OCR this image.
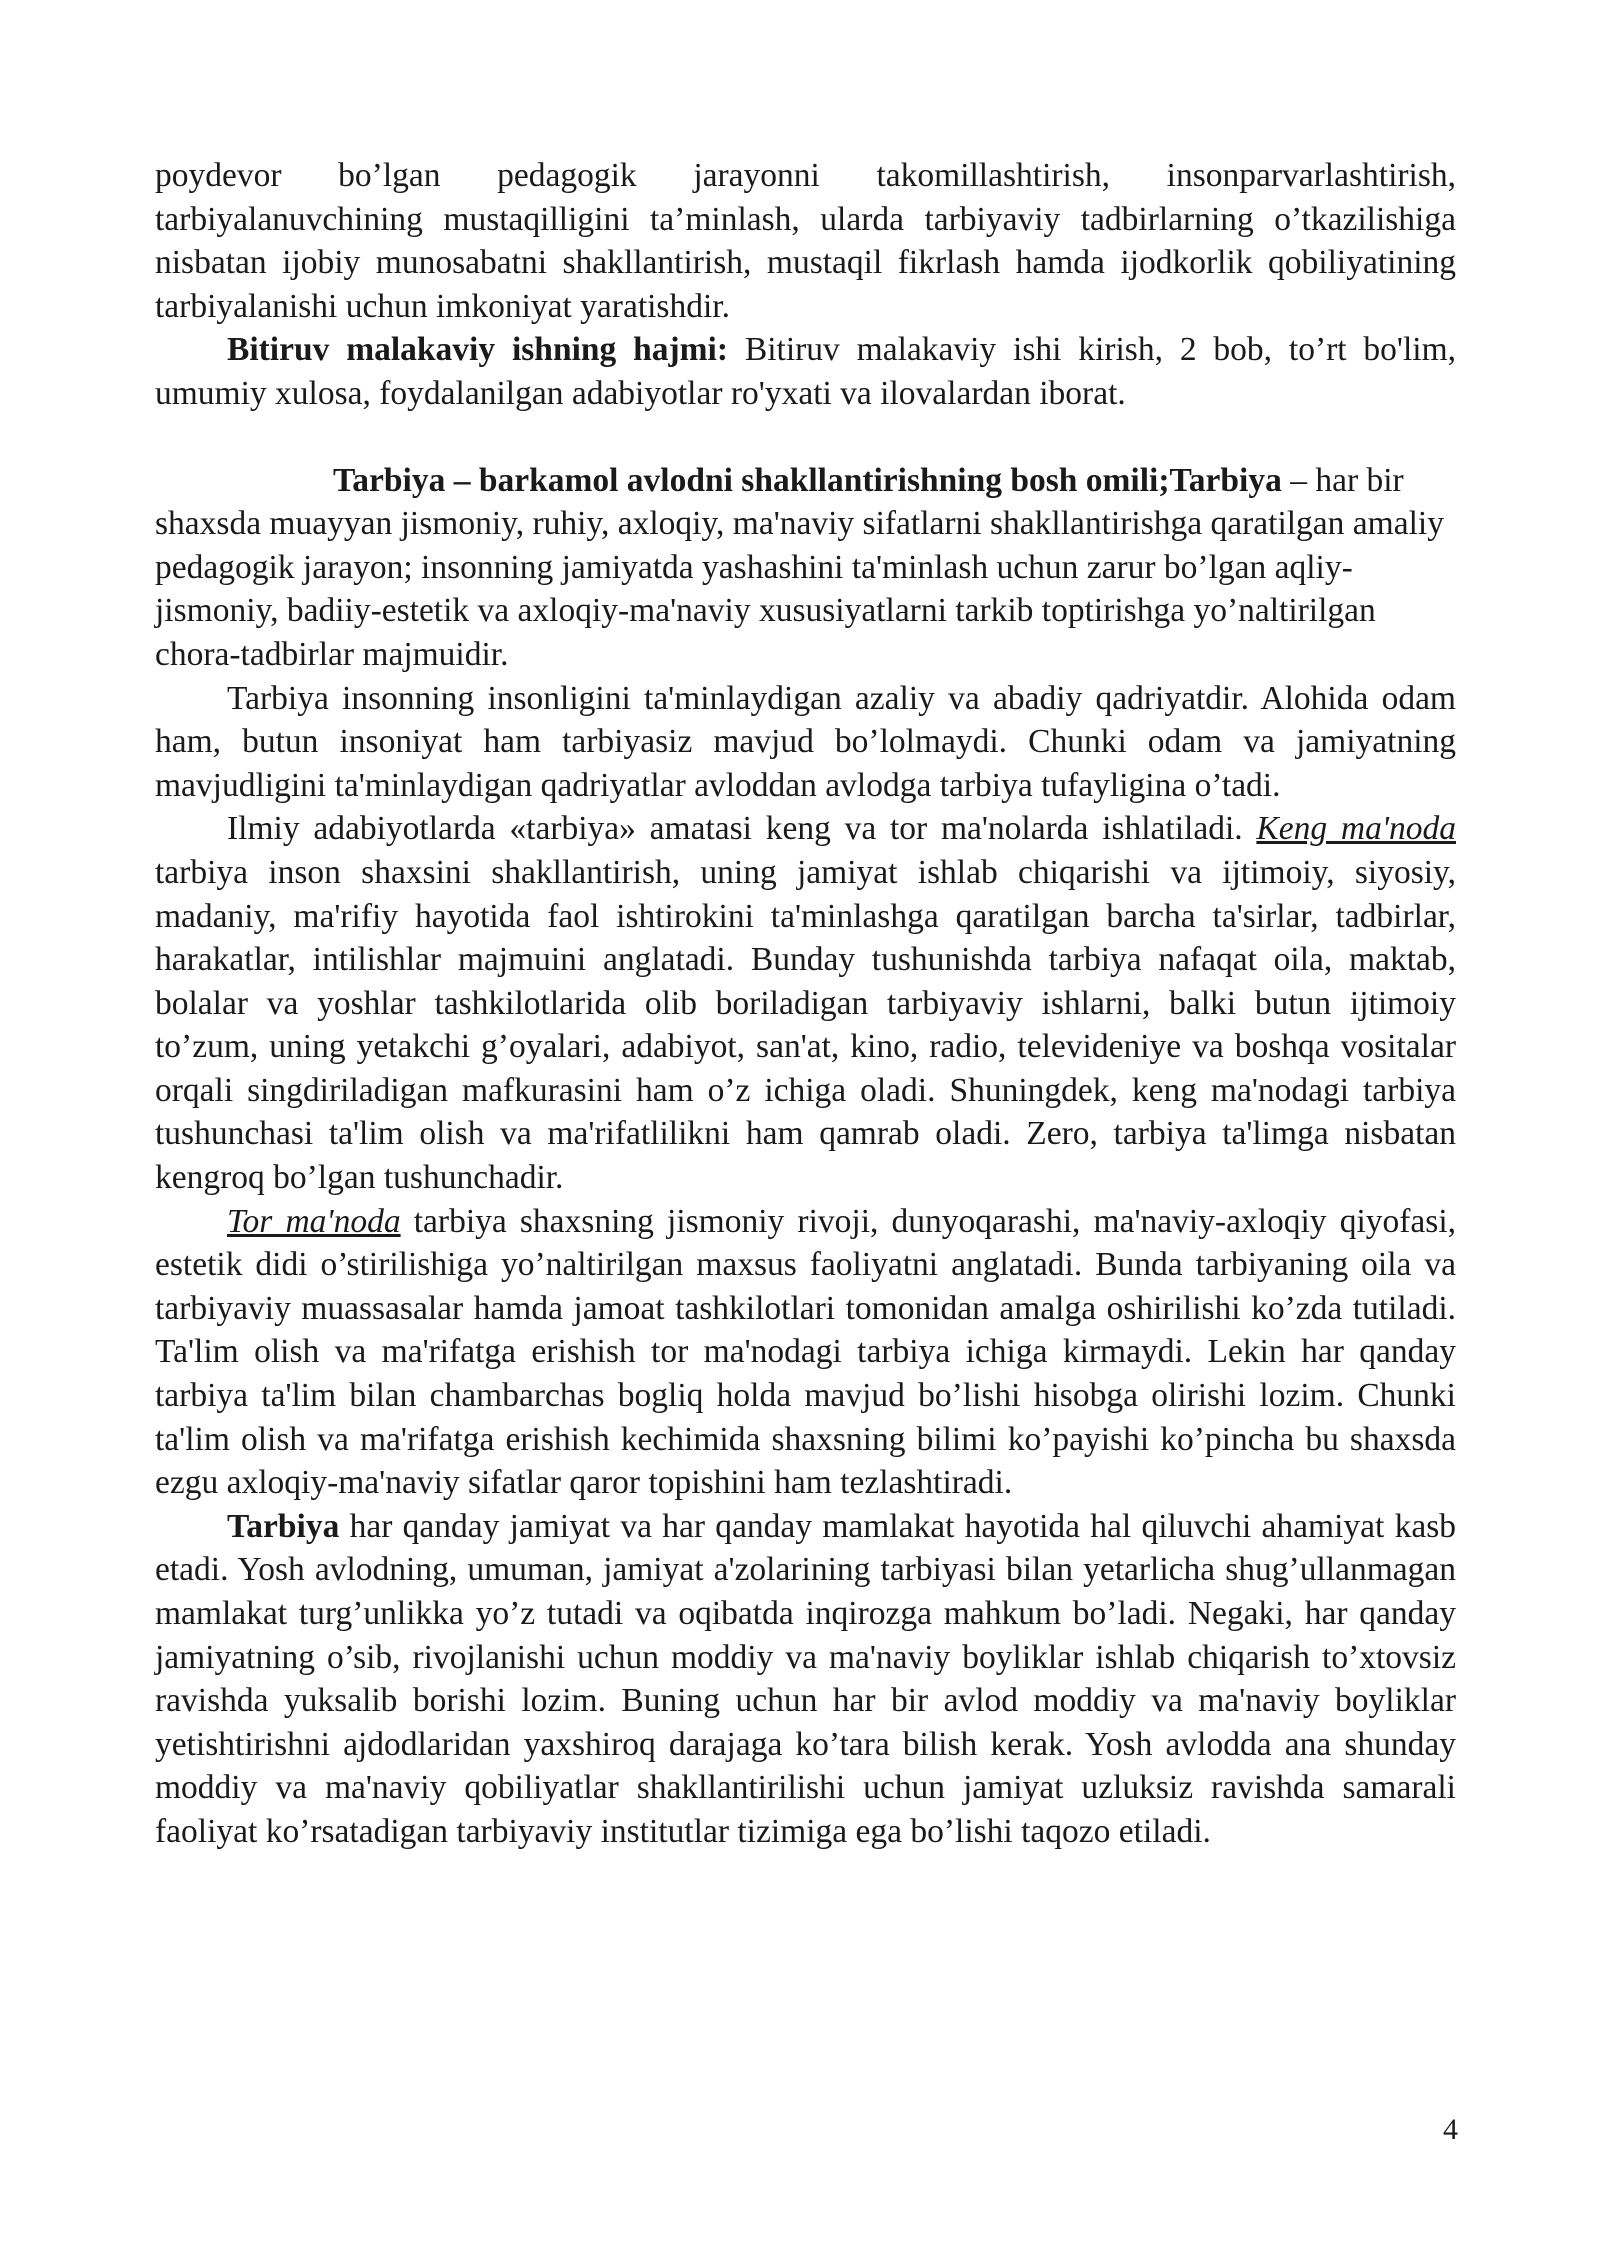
poydevor bo’lgan pedagogik jarayonni takomillashtirish, insonparvarlashtirish, tarbiyalanuvchining mustaqilligini ta’minlash, ularda tarbiyaviy tadbirlarning o’tkazilishiga nisbatan ijobiy munosabatni shakllantirish, mustaqil fikrlash hamda ijodkorlik qobiliyatining tarbiyalanishi uchun imkoniyat yaratishdir.

Bitiruv malakaviy ishning hajmi: Bitiruv malakaviy ishi kirish, 2 bob, to’rt bo'lim, umumiy xulosa, foydalanilgan adabiyotlar ro'yxati va ilovalardan iborat.

Tarbiya – barkamol avlodni shakllantirishning bosh omili;Tarbiya – har bir shaxsda muayyan jismoniy, ruhiy, axloqiy, ma'naviy sifatlarni shakllantirishga qaratilgan amaliy pedagogik jarayon; insonning jamiyatda yashashini ta'minlash uchun zarur bo’lgan aqliy-jismoniy, badiiy-estetik va axloqiy-ma'naviy xususiyatlarni tarkib toptirishga yo’naltirilgan chora-tadbirlar majmuidir.

Tarbiya insonning insonligini ta'minlaydigan azaliy va abadiy qadriyatdir. Alohida odam ham, butun insoniyat ham tarbiyasiz mavjud bo’lolmaydi. Chunki odam va jamiyatning mavjudligini ta'minlaydigan qadriyatlar avloddan avlodga tarbiya tufayligina o’tadi.

Ilmiy adabiyotlarda «tarbiya» amatasi keng va tor ma'nolarda ishlatiladi. Keng ma'noda tarbiya inson shaxsini shakllantirish, uning jamiyat ishlab chiqarishi va ijtimoiy, siyosiy, madaniy, ma'rifiy hayotida faol ishtirokini ta'minlashga qaratilgan barcha ta'sirlar, tadbirlar, harakatlar, intilishlar majmuini anglatadi. Bunday tushunishda tarbiya nafaqat oila, maktab, bolalar va yoshlar tashkilotlarida olib boriladigan tarbiyaviy ishlarni, balki butun ijtimoiy to’zum, uning yetakchi g’oyalari, adabiyot, san'at, kino, radio, televideniye va boshqa vositalar orqali singdiriladigan mafkurasini ham o’z ichiga oladi. Shuningdek, keng ma'nodagi tarbiya tushunchasi ta'lim olish va ma'rifatlilikni ham qamrab oladi. Zero, tarbiya ta'limga nisbatan kengroq bo’lgan tushunchadir.

Tor ma'noda tarbiya shaxsning jismoniy rivoji, dunyoqarashi, ma'naviy-axloqiy qiyofasi, estetik didi o’stirilishiga yo’naltirilgan maxsus faoliyatni anglatadi. Bunda tarbiyaning oila va tarbiyaviy muassasalar hamda jamoat tashkilotlari tomonidan amalga oshirilishi ko’zda tutiladi. Ta'lim olish va ma'rifatga erishish tor ma'nodagi tarbiya ichiga kirmaydi. Lekin har qanday tarbiya ta'lim bilan chambarchas bogliq holda mavjud bo’lishi hisobga olirishi lozim. Chunki ta'lim olish va ma'rifatga erishish kechimida shaxsning bilimi ko’payishi ko’pincha bu shaxsda ezgu axloqiy-ma'naviy sifatlar qaror topishini ham tezlashtiradi.

Tarbiya har qanday jamiyat va har qanday mamlakat hayotida hal qiluvchi ahamiyat kasb etadi. Yosh avlodning, umuman, jamiyat a'zolarining tarbiyasi bilan yetarlicha shug’ullanmagan mamlakat turg’unlikka yo’z tutadi va oqibatda inqirozga mahkum bo’ladi. Negaki, har qanday jamiyatning o’sib, rivojlanishi uchun moddiy va ma'naviy boyliklar ishlab chiqarish to’xtovsiz ravishda yuksalib borishi lozim. Buning uchun har bir avlod moddiy va ma'naviy boyliklar yetishtirishni ajdodlaridan yaxshiroq darajaga ko’tara bilish kerak. Yosh avlodda ana shunday moddiy va ma'naviy qobiliyatlar shakllantirilishi uchun jamiyat uzluksiz ravishda samarali faoliyat ko’rsatadigan tarbiyaviy institutlar tizimiga ega bo’lishi taqozo etiladi.

4
